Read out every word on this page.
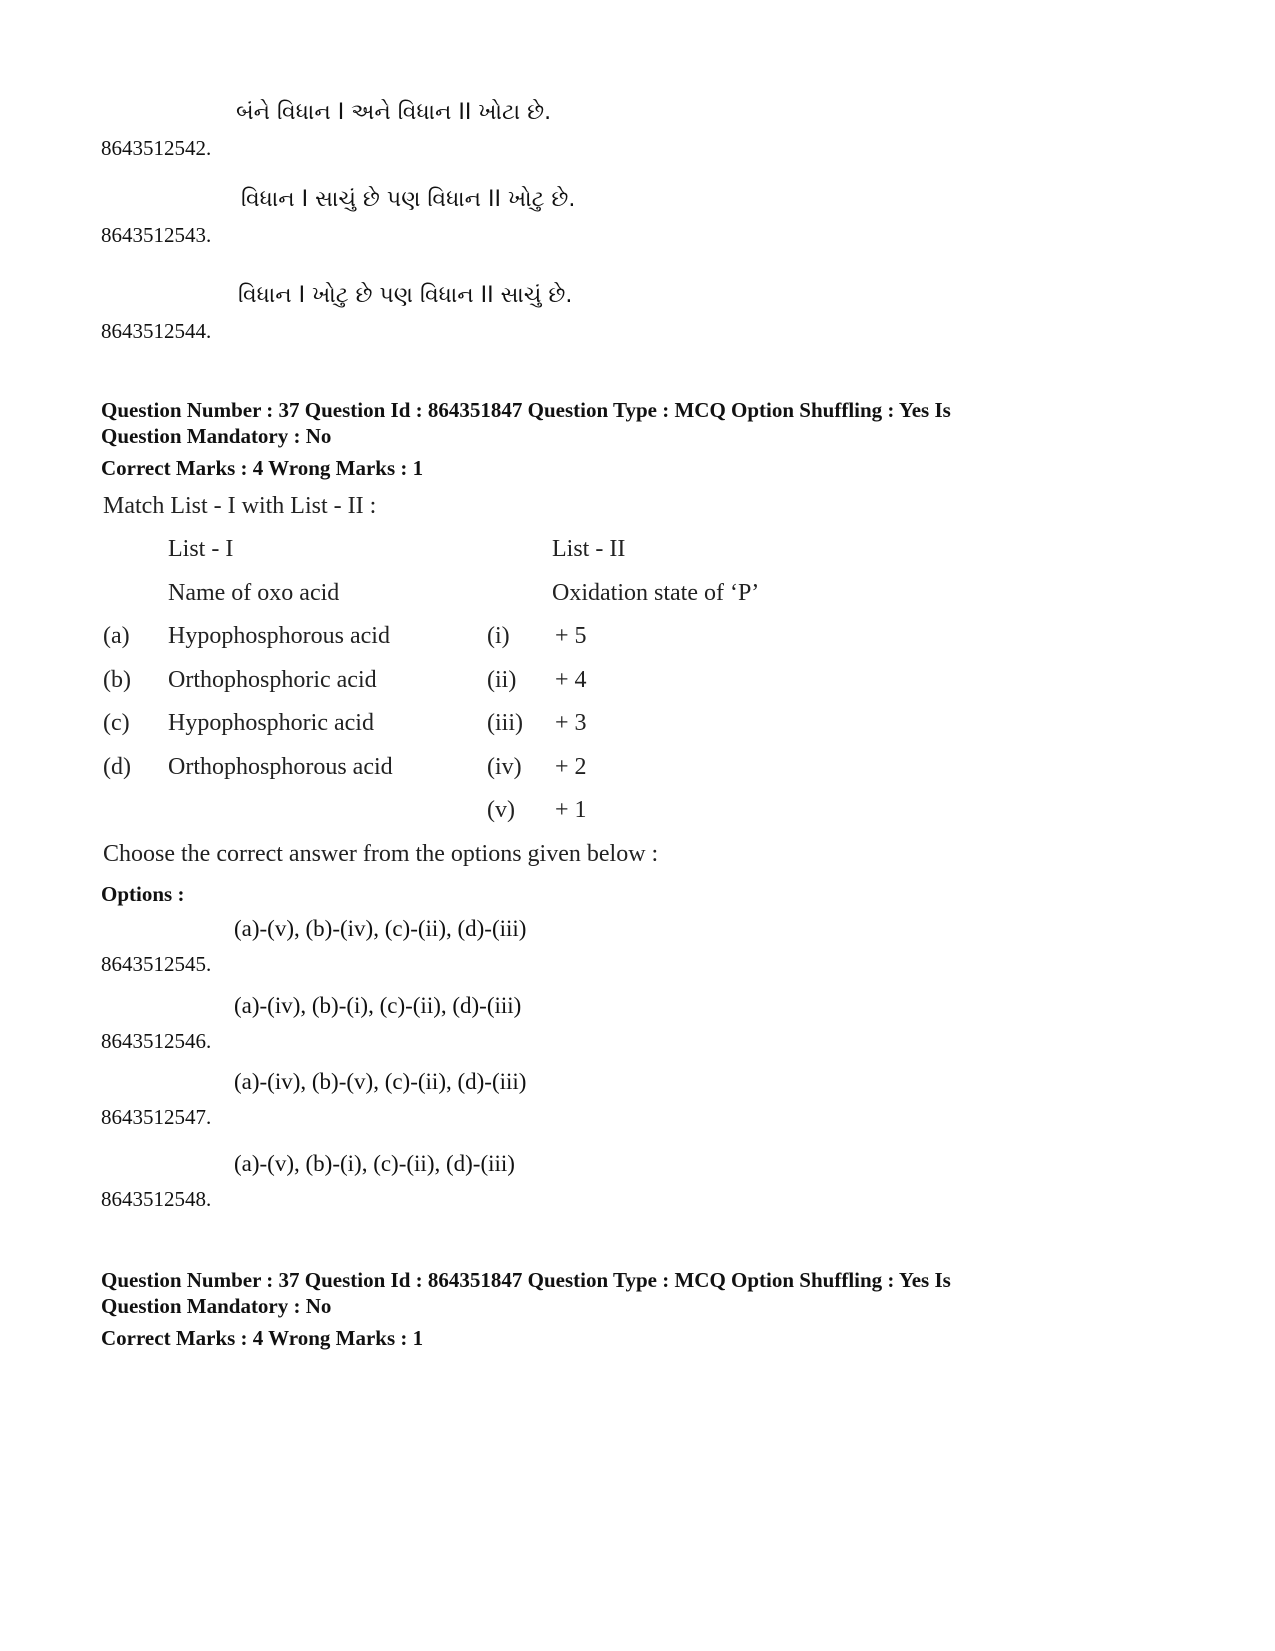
8643512542.
બંને વિધાન I અને વિધાન II ખોટા છે.
8643512543.
વિધાન I સાચું છે પણ વિધાન II ખોટુ છે.
8643512544.
વિધાન I ખોટુ છે પણ વિધાન II સાચું છે.
Question Number : 37 Question Id : 864351847 Question Type : MCQ Option Shuffling : Yes Is
Question Mandatory : No
Correct Marks : 4 Wrong Marks : 1
Match List - I with List - II :
List - I	List - II
Name of oxo acid	Oxidation state of ‘P’
(a) Hypophosphorous acid	(i) + 5
(b) Orthophosphoric acid	(ii) + 4
(c) Hypophosphoric acid	(iii) + 3
(d) Orthophosphorous acid	(iv) + 2
(v) + 1
Choose the correct answer from the options given below :
Options :
8643512545.
(a)-(v), (b)-(iv), (c)-(ii), (d)-(iii)
8643512546.
(a)-(iv), (b)-(i), (c)-(ii), (d)-(iii)
8643512547.
(a)-(iv), (b)-(v), (c)-(ii), (d)-(iii)
8643512548.
(a)-(v), (b)-(i), (c)-(ii), (d)-(iii)
Question Number : 37 Question Id : 864351847 Question Type : MCQ Option Shuffling : Yes Is
Question Mandatory : No
Correct Marks : 4 Wrong Marks : 1
